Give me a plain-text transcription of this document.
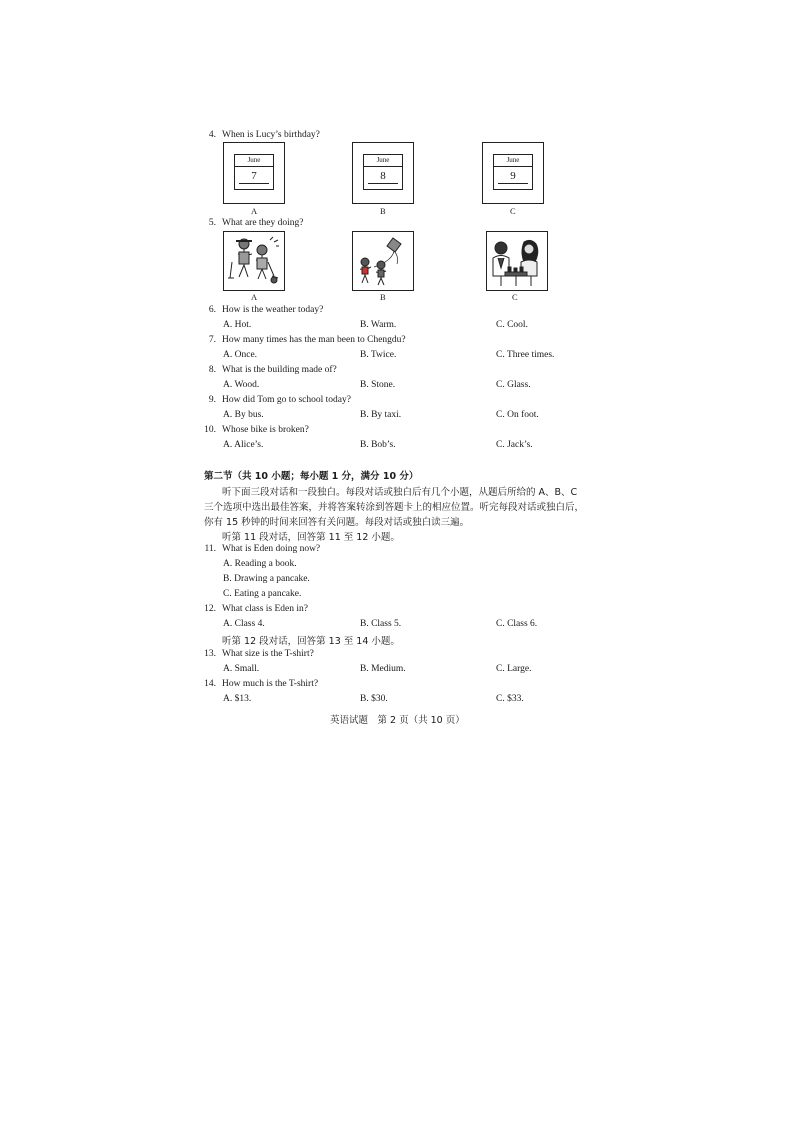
4. When is Lucy’s birthday?
June
7
June
8
June
9
A	B	C
5. What are they doing?
A	B	C
6. How is the weather today?
A. Hot.	B. Warm.	C. Cool.
7. How many times has the man been to Chengdu?
A. Once.	B. Twice.	C. Three times.
8. What is the building made of?
A. Wood.	B. Stone.	C. Glass.
9. How did Tom go to school today?
A. By bus.	B. By taxi.	C. On foot.
10. Whose bike is broken?
A. Alice’s.	B. Bob’s.	C. Jack’s.
第二节（共 10 小题；每小题 1 分，满分 10 分）
听下面三段对话和一段独白。每段对话或独白后有几个小题，从题后所给的 A、B、C
三个选项中选出最佳答案，并将答案转涂到答题卡上的相应位置。听完每段对话或独白后，
你有 15 秒钟的时间来回答有关问题。每段对话或独白读三遍。
听第 11 段对话，回答第 11 至 12 小题。
11. What is Eden doing now?
A. Reading a book.
B. Drawing a pancake.
C. Eating a pancake.
12. What class is Eden in?
A. Class 4.	B. Class 5.	C. Class 6.
听第 12 段对话，回答第 13 至 14 小题。
13. What size is the T-shirt?
A. Small.	B. Medium.	C. Large.
14. How much is the T-shirt?
A. $13.	B. $30.	C. $33.
英语试题　第 2 页（共 10 页）
